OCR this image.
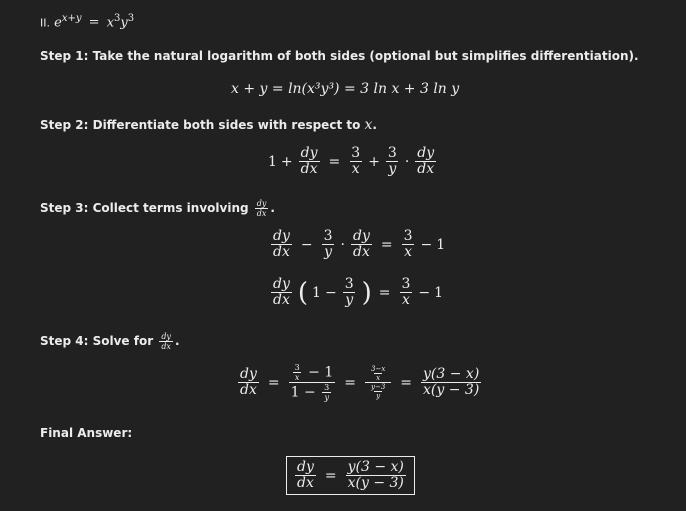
II. $e^{x+y} = x^3y^3$
Step 1: Take the natural logarithm of both sides (optional but simplifies differentiation).
x + y = ln(x³y³) = 3 ln x + 3 ln y
Step 2: Differentiate both sides with respect to x.
$1 + \frac{dy}{dx} = \frac{3}{x} + \frac{3}{y} \cdot \frac{dy}{dx}$
Step 3: Collect terms involving $\frac{dy}{dx}$ .
$\frac{dy}{dx} - \frac{3}{y} \cdot \frac{dy}{dx} = \frac{3}{x} - 1$
$\frac{dy}{dx}$ ( $1 - \frac{3}{y}$ ) = $\frac{3}{x} - 1$
Step 4: Solve for $\frac{dy}{dx}$ .
$\frac{dy}{dx}$ =	$\frac{\frac{3}{x} - 1}{1 - \frac{3}{y}}$ =	$\frac{\frac{3-x}{x}}{\frac{y-3}{y}} = \frac{y(3 - x)}{x(y - 3)}$
Final Answer:
$\frac{dy}{dx} = \frac{y(3 - x)}{x(y - 3)}$
